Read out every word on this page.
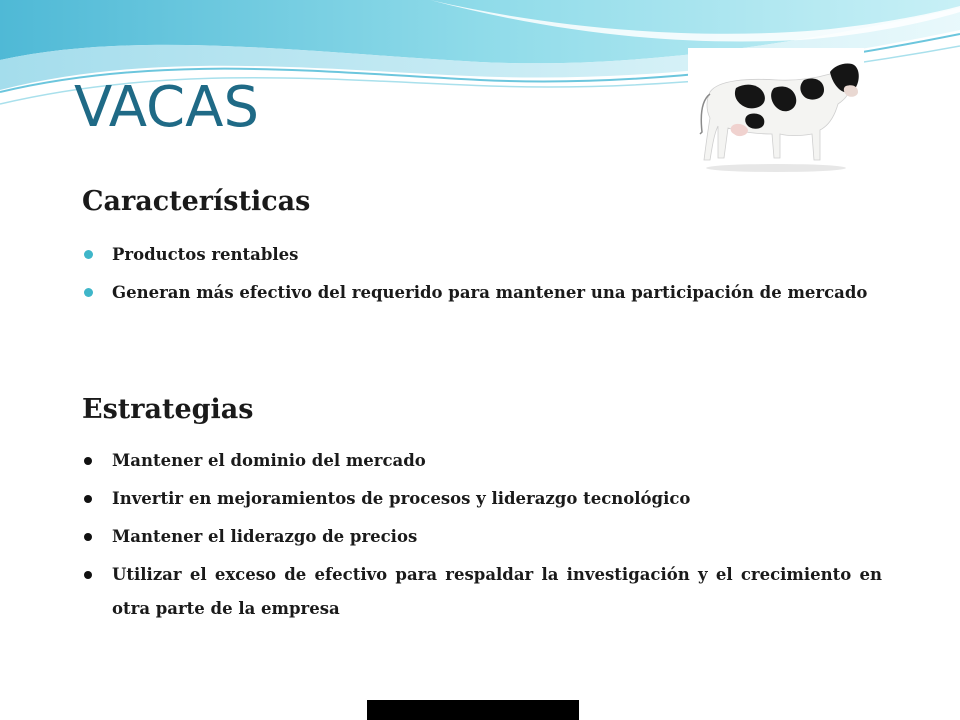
VACAS
Características
Productos rentables
Generan más efectivo del requerido para mantener una participación de mercado
Estrategias
Mantener el dominio del mercado
Invertir en mejoramientos de procesos y liderazgo tecnológico
Mantener el liderazgo de precios
Utilizar el exceso de efectivo para respaldar la investigación y el crecimiento en otra parte de la empresa
